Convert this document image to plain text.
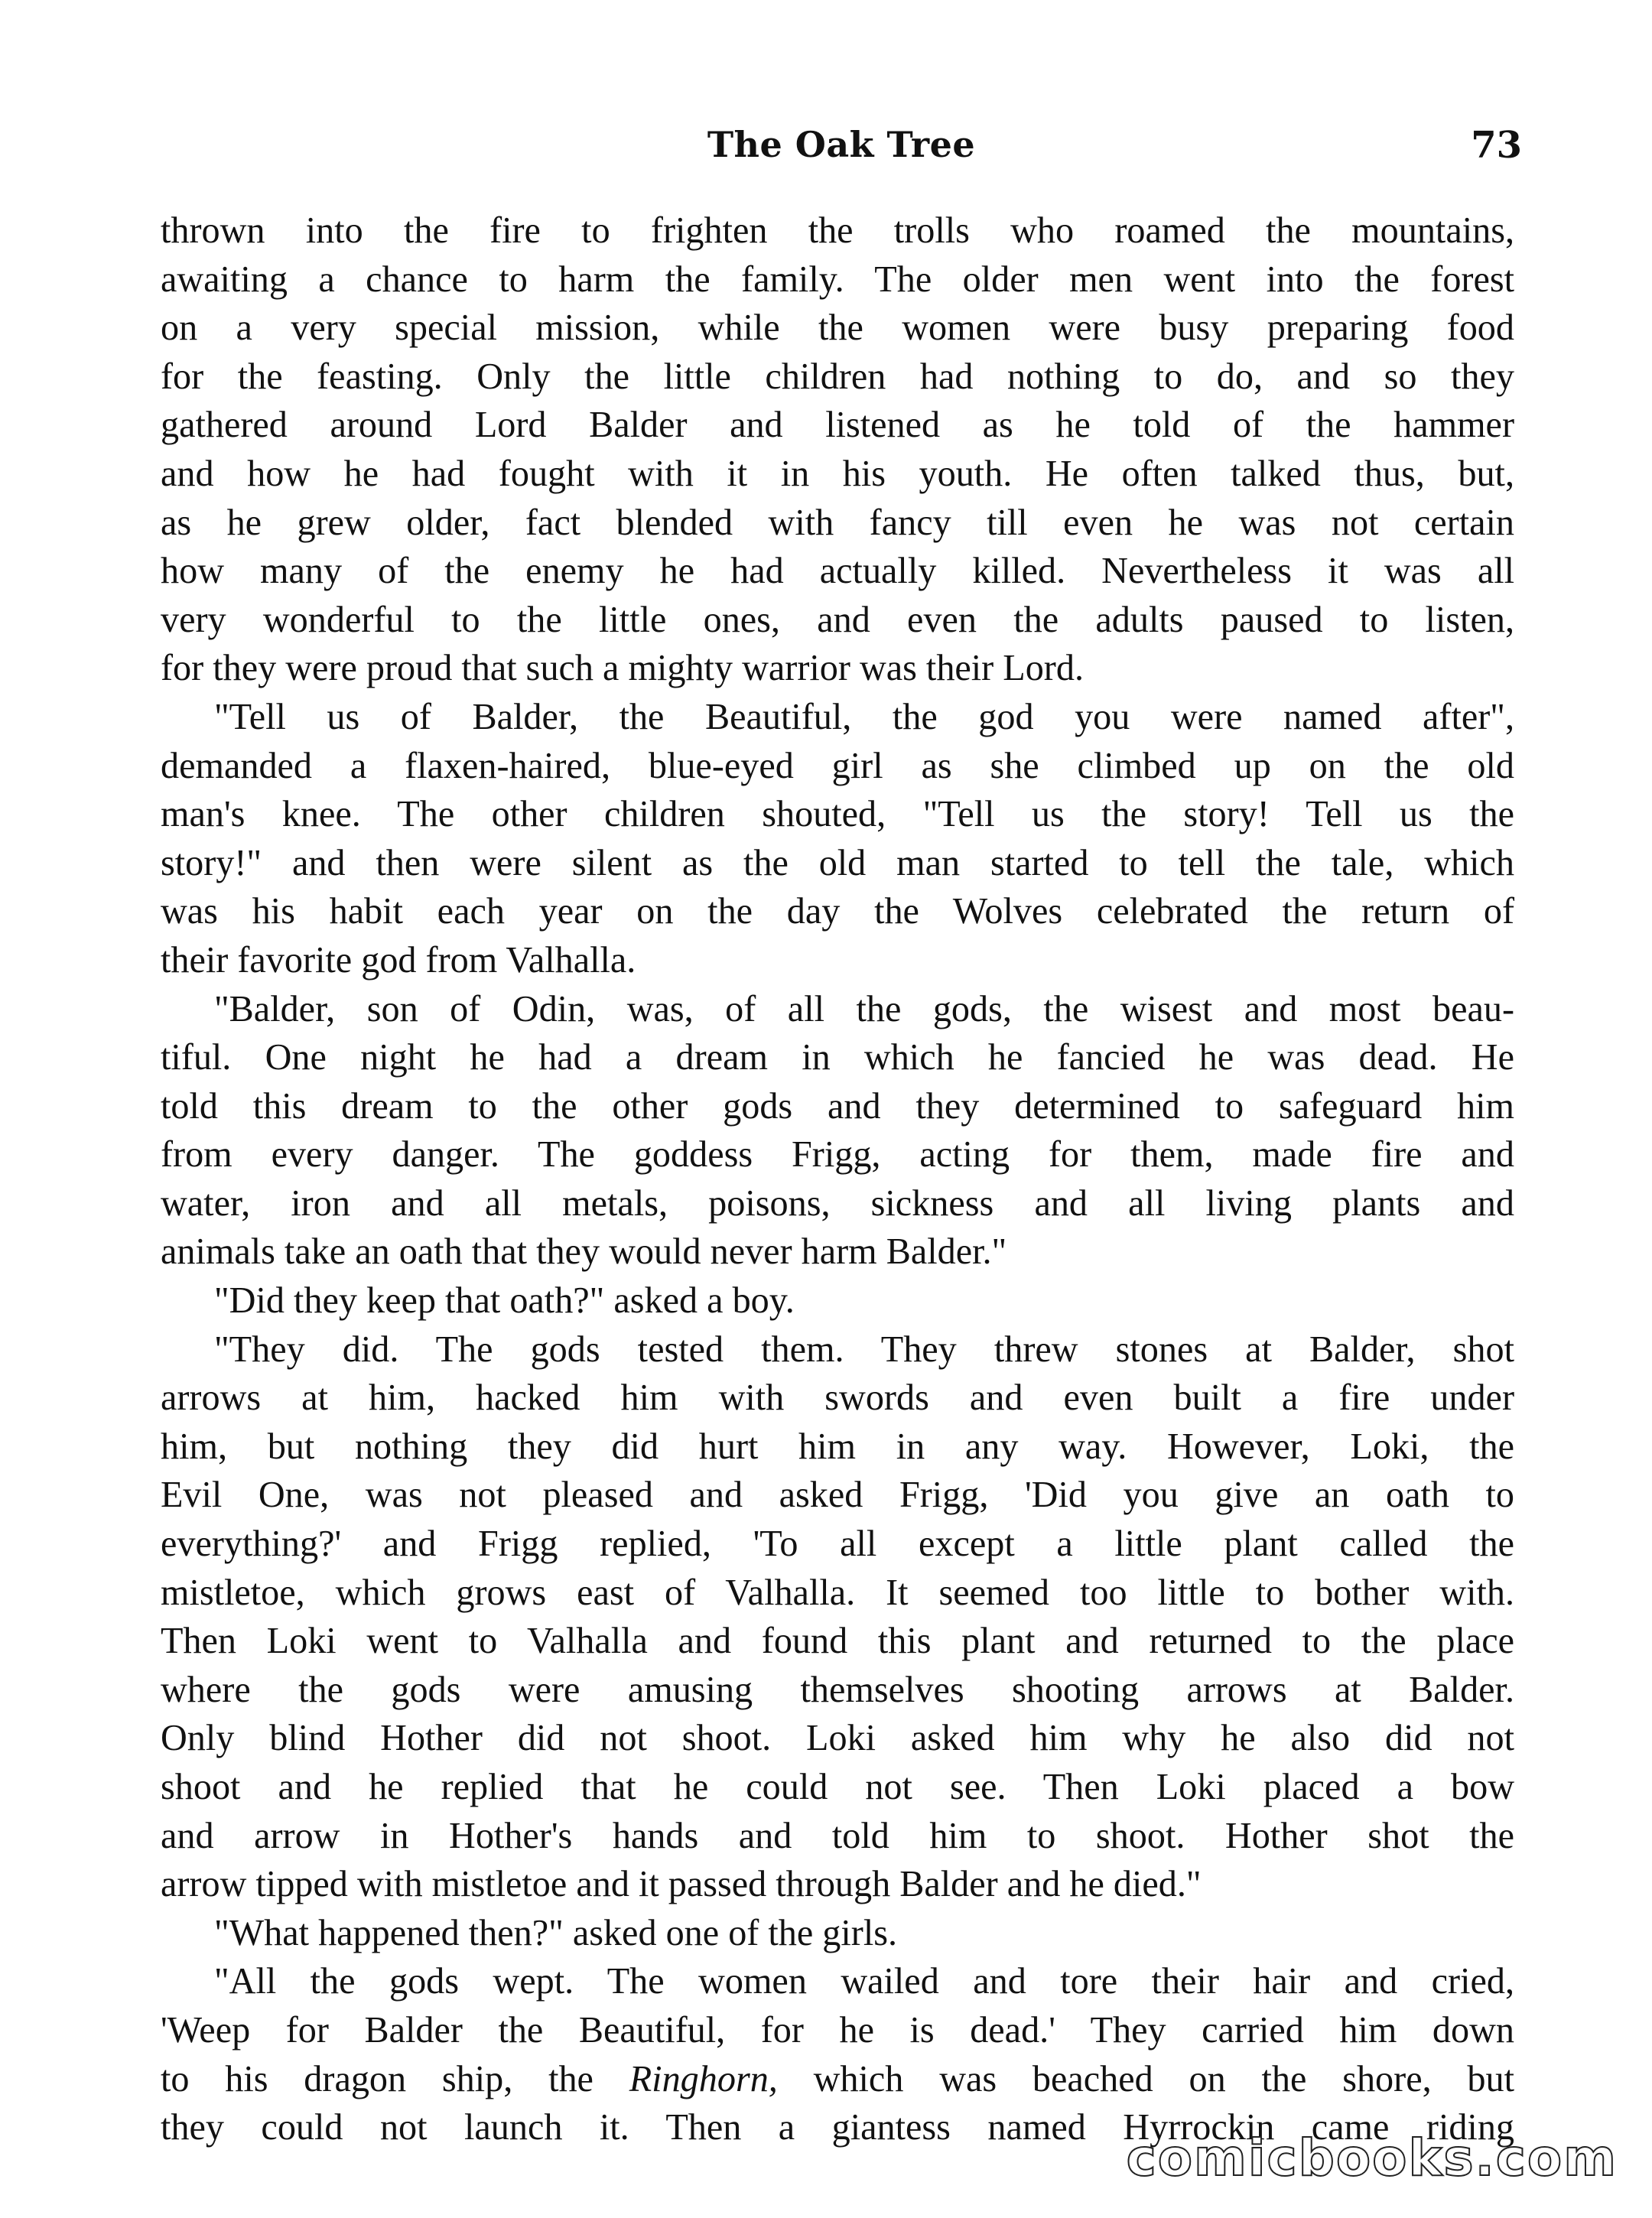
The Oak Tree	73
thrown into the fire to frighten the trolls who roamed the mountains,
awaiting a chance to harm the family. The older men went into the forest
on a very special mission, while the women were busy preparing food
for the feasting. Only the little children had nothing to do, and so they
gathered around Lord Balder and listened as he told of the hammer
and how he had fought with it in his youth. He often talked thus, but,
as he grew older, fact blended with fancy till even he was not certain
how many of the enemy he had actually killed. Nevertheless it was all
very wonderful to the little ones, and even the adults paused to listen,
for they were proud that such a mighty warrior was their Lord.
"Tell us of Balder, the Beautiful, the god you were named after",
demanded a flaxen-haired, blue-eyed girl as she climbed up on the old
man's knee. The other children shouted, "Tell us the story! Tell us the
story!" and then were silent as the old man started to tell the tale, which
was his habit each year on the day the Wolves celebrated the return of
their favorite god from Valhalla.
"Balder, son of Odin, was, of all the gods, the wisest and most beau-
tiful. One night he had a dream in which he fancied he was dead. He
told this dream to the other gods and they determined to safeguard him
from every danger. The goddess Frigg, acting for them, made fire and
water, iron and all metals, poisons, sickness and all living plants and
animals take an oath that they would never harm Balder."
"Did they keep that oath?" asked a boy.
"They did. The gods tested them. They threw stones at Balder, shot
arrows at him, hacked him with swords and even built a fire under
him, but nothing they did hurt him in any way. However, Loki, the
Evil One, was not pleased and asked Frigg, 'Did you give an oath to
everything?' and Frigg replied, 'To all except a little plant called the
mistletoe, which grows east of Valhalla. It seemed too little to bother with.
Then Loki went to Valhalla and found this plant and returned to the place
where the gods were amusing themselves shooting arrows at Balder.
Only blind Hother did not shoot. Loki asked him why he also did not
shoot and he replied that he could not see. Then Loki placed a bow
and arrow in Hother's hands and told him to shoot. Hother shot the
arrow tipped with mistletoe and it passed through Balder and he died."
"What happened then?" asked one of the girls.
"All the gods wept. The women wailed and tore their hair and cried,
'Weep for Balder the Beautiful, for he is dead.' They carried him down
to his dragon ship, the Ringhorn, which was beached on the shore, but
they could not launch it. Then a giantess named Hyrrockin came riding
comicbooks.com
